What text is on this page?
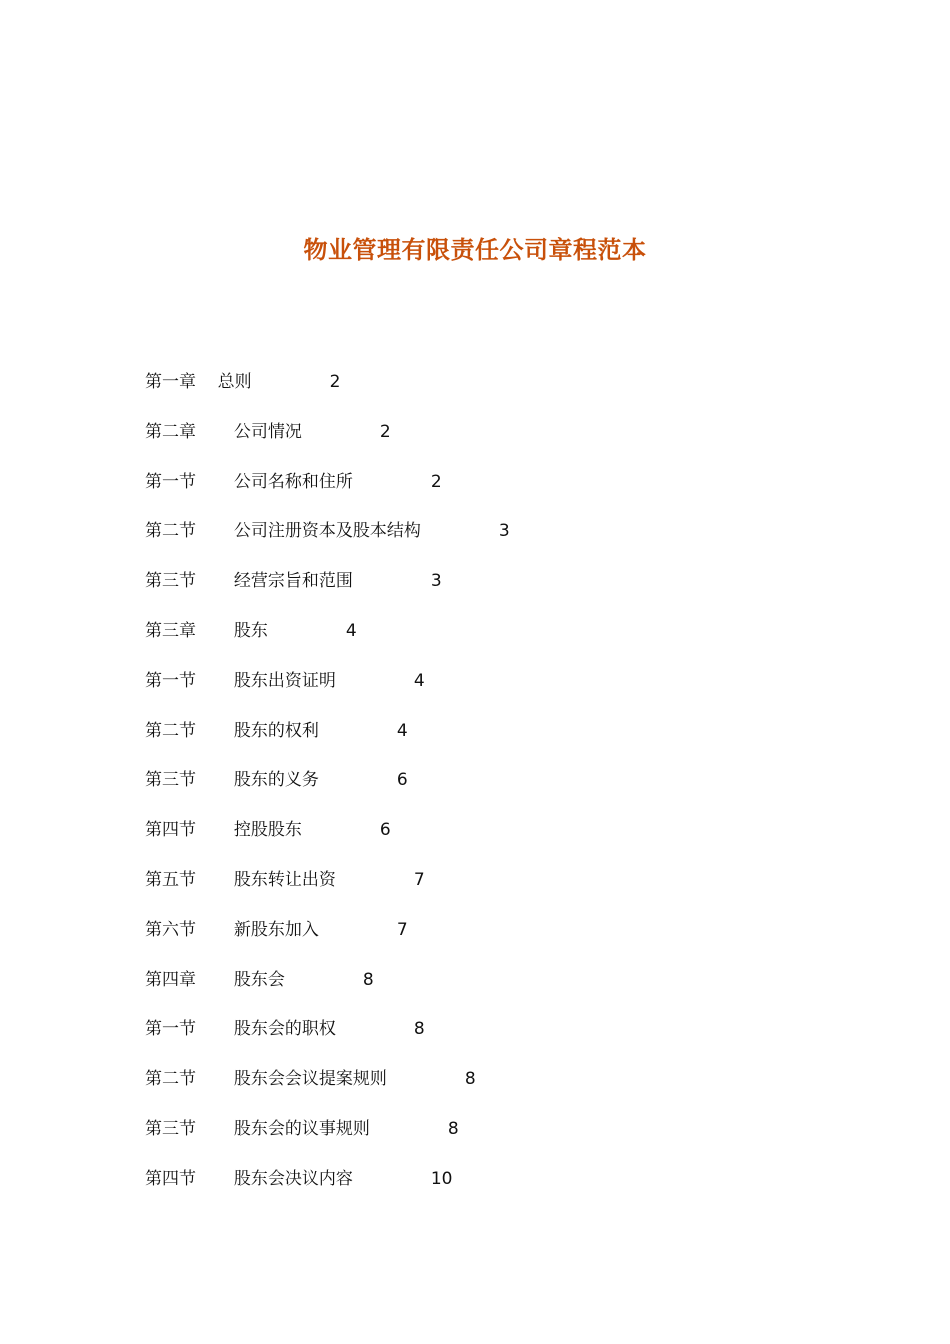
物业管理有限责任公司章程范本
第一章    总则	2
第二章       公司情况	2
第一节       公司名称和住所	2
第二节       公司注册资本及股本结构	3
第三节       经营宗旨和范围	3
第三章       股东	4
第一节       股东出资证明	4
第二节       股东的权利	4
第三节       股东的义务	6
第四节       控股股东	6
第五节       股东转让出资	7
第六节       新股东加入	7
第四章       股东会	8
第一节       股东会的职权	8
第二节       股东会会议提案规则	8
第三节       股东会的议事规则	8
第四节       股东会决议内容	10
